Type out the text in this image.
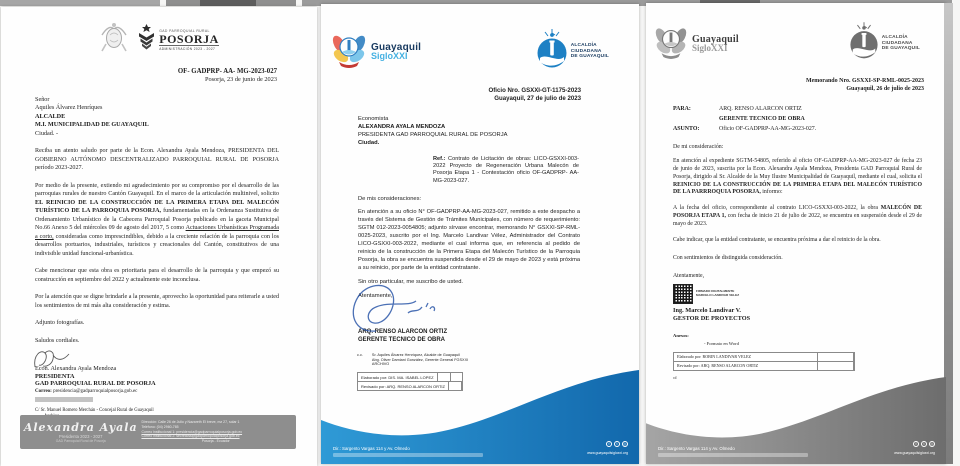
GAD PARROQUIAL RURAL
POSORJA
ADMINISTRACIÓN 2023 - 2027
OF- GADPRP- AA- MG-2023-027
Posorja, 23 de junio de 2023
Señor
Aquiles Álvarez Henríques
ALCALDE
M.I. MUNICIPALIDAD DE GUAYAQUIL
Ciudad. -

Reciba un atento saludo por parte de la Econ. Alexandra Ayala Mendoza, PRESIDENTA DEL GOBIERNO AUTÓNOMO DESCENTRALIZADO PARROQUIAL RURAL DE POSORJA período 2023-2027.

Por medio de la presente, extiendo mi agradecimiento por su compromiso por el desarrollo de las parroquias rurales de nuestro Cantón Guayaquil. En el marco de la articulación multinivel, solicito EL REINICIO DE LA CONSTRUCCIÓN DE LA PRIMERA ETAPA DEL MALECÓN TURÍSTICO DE LA PARROQUIA POSORJA, fundamentadas en la Ordenanza Sustitutiva de Ordenamiento Urbanístico de la Cabecera Parroquial Posorja publicado en la gaceta Municipal No.66 Anexo 5 del miércoles 09 de agosto del 2017, 5 como Actuaciones Urbanísticas Programada a corto, consideradas como imprescindibles, debido a la creciente relación de la parroquia con los desarrollos portuarios, industriales, turísticos y creacionales del Cantón, constitutivos de una indivisible unidad funcional-urbanística.

Cabe mencionar que esta obra es prioritaria para el desarrollo de la parroquia y que empezó su construcción en septiembre del 2022 y actualmente este inconclusa.

Por la atención que se digne brindarle a la presente, aprovecho la oportunidad para reiterarle a usted los sentimientos de mi más alta consideración y estima.

Adjunto fotografías.

Saludos cordiales.

Econ. Alexandra Ayala Mendoza
PRESIDENTA
GAD PARROQUIAL RURAL DE POSORJA
Correo: presidencia@gadparroquialposorja.gob.ec
C/ Sr. Manuel Romero Merchán - Concejal Rural de Guayaquil
Alexandra Ayala
Presidenta 2023 - 2027
GAD Parroquial Rural de Posorja
Dirección: Calle 26 de Julio y Nazareth El breve, mz 27, solar 1
Teléfono: (04) 2960-765
Correo institucional 1: presidencia@gadparroquialposorja.gob.ec
Correo institucional 2: secretaria@gadparroquialposorja.gob.ec
Posorja - Ecuador
Guayaquil
SigloXXI
ALCALDÍA
CIUDADANA
DE GUAYAQUIL
Oficio Nro. GSXXI-GT-1175-2023
Guayaquil, 27 de julio de 2023
Economista
ALEXANDRA AYALA MENDOZA
PRESIDENTA GAD PARROQUIAL RURAL DE POSORJA
Ciudad.

Ref.: Contrato de Licitación de obras: LICO-GSXXI-003-2022 Proyecto de Regeneración Urbana Malecón de Posorja Etapa 1 - Contestación oficio OF-GADPRP- AA- MG-2023-027.

De mis consideraciones:

En atención a su oficio N° OF-GADPRP-AA-MG-2023-027, remitido a este despacho a través del Sistema de Gestión de Trámites Municipales, con número de requerimiento: SGTM 012-2023-0054805; adjunto sírvase encontrar, memorando N° GSXXI-SP-RML-0025-2023, suscrito por el Ing. Marcelo Landivar Vélez, Administrador del Contrato LICO-GSXXI-003-2022, mediante el cual informa que, en referencia al pedido de reinicio de la construcción de la Primera Etapa del Malecón Turístico de la Parroquia Posorja, la obra se encuentra suspendida desde el 29 de mayo de 2023 y está próxima a su reinicio, por parte de la entidad contratante.

Sin otro particular, me suscribo de usted.
Atentamente,
ARQ. RENSO ALARCON ORTIZ
GERENTE TECNICO DE OBRA
c.c. Sr. Aquiles Álvarez Henríquez, Alcalde de Guayaquil
Abg. Oliver Damiani González, Gerente General FGSXXI
ARCHIVO
Elaborado por: DIS. MA. ISABEL LOPEZ
Revisado por: ARQ. RENSO ALARCON ORTIZ
Dir.: Sargento Vargas 114 y Av. Olmedo
f	t	◎
www.guayaquilsigloxxi.org
Guayaquil
SigloXXI
ALCALDÍA
CIUDADANA
DE GUAYAQUIL
Memorando Nro. GSXXI-SP-RML-0025-2023
Guayaquil, 26 de julio de 2023
PARA:	ARQ. RENSO ALARCON ORTIZ
GERENTE TECNICO DE OBRA
ASUNTO:	Oficio OF-GADPRP-AA-MG-2023-027.
De mi consideración:

En atención al expediente SGTM-54805, referido al oficio OF-GADPRP-AA-MG-2023-027 de fecha 23 de junio de 2023, suscrita por la Econ. Alexandra Ayala Mendoza, Presidenta GAD Parroquial Rural de Posorja, dirigido al Sr. Alcalde de la Muy Ilustre Municipalidad de Guayaquil, mediante el cual, solicita el REINICIO DE LA CONSTRUCCIÓN DE LA PRIMERA ETAPA DEL MALECÓN TURÍSTICO DE LA PARRROQUIA POSORJA, informo:

A la fecha del oficio, correspondiente al contrato LICO-GSXXI-003-2022, la obra MALECÓN DE POSORJA ETAPA 1, con fecha de inicio 21 de julio de 2022, se encuentra en suspensión desde el 29 de mayo de 2023.

Cabe indicar, que la entidad contratante, se encuentra próxima a dar el reinicio de la obra.

Con sentimientos de distinguida consideración.

Atentamente,

FIRMADO DIGITALMENTE
MARCELO LANDIVAR VELEZ
Ing. Marcelo Landivar V.
GESTOR DE PROYECTOS
Anexos:
- Formato en Word
Elaborado por: ROBIN LANDIVAR VELEZ
Revisado por: ARQ. RENSO ALARCON ORTIZ
cd
Dir.: Sargento Vargas 114 y Av. Olmedo
f	t	◎
www.guayaquilsigloxxi.org
